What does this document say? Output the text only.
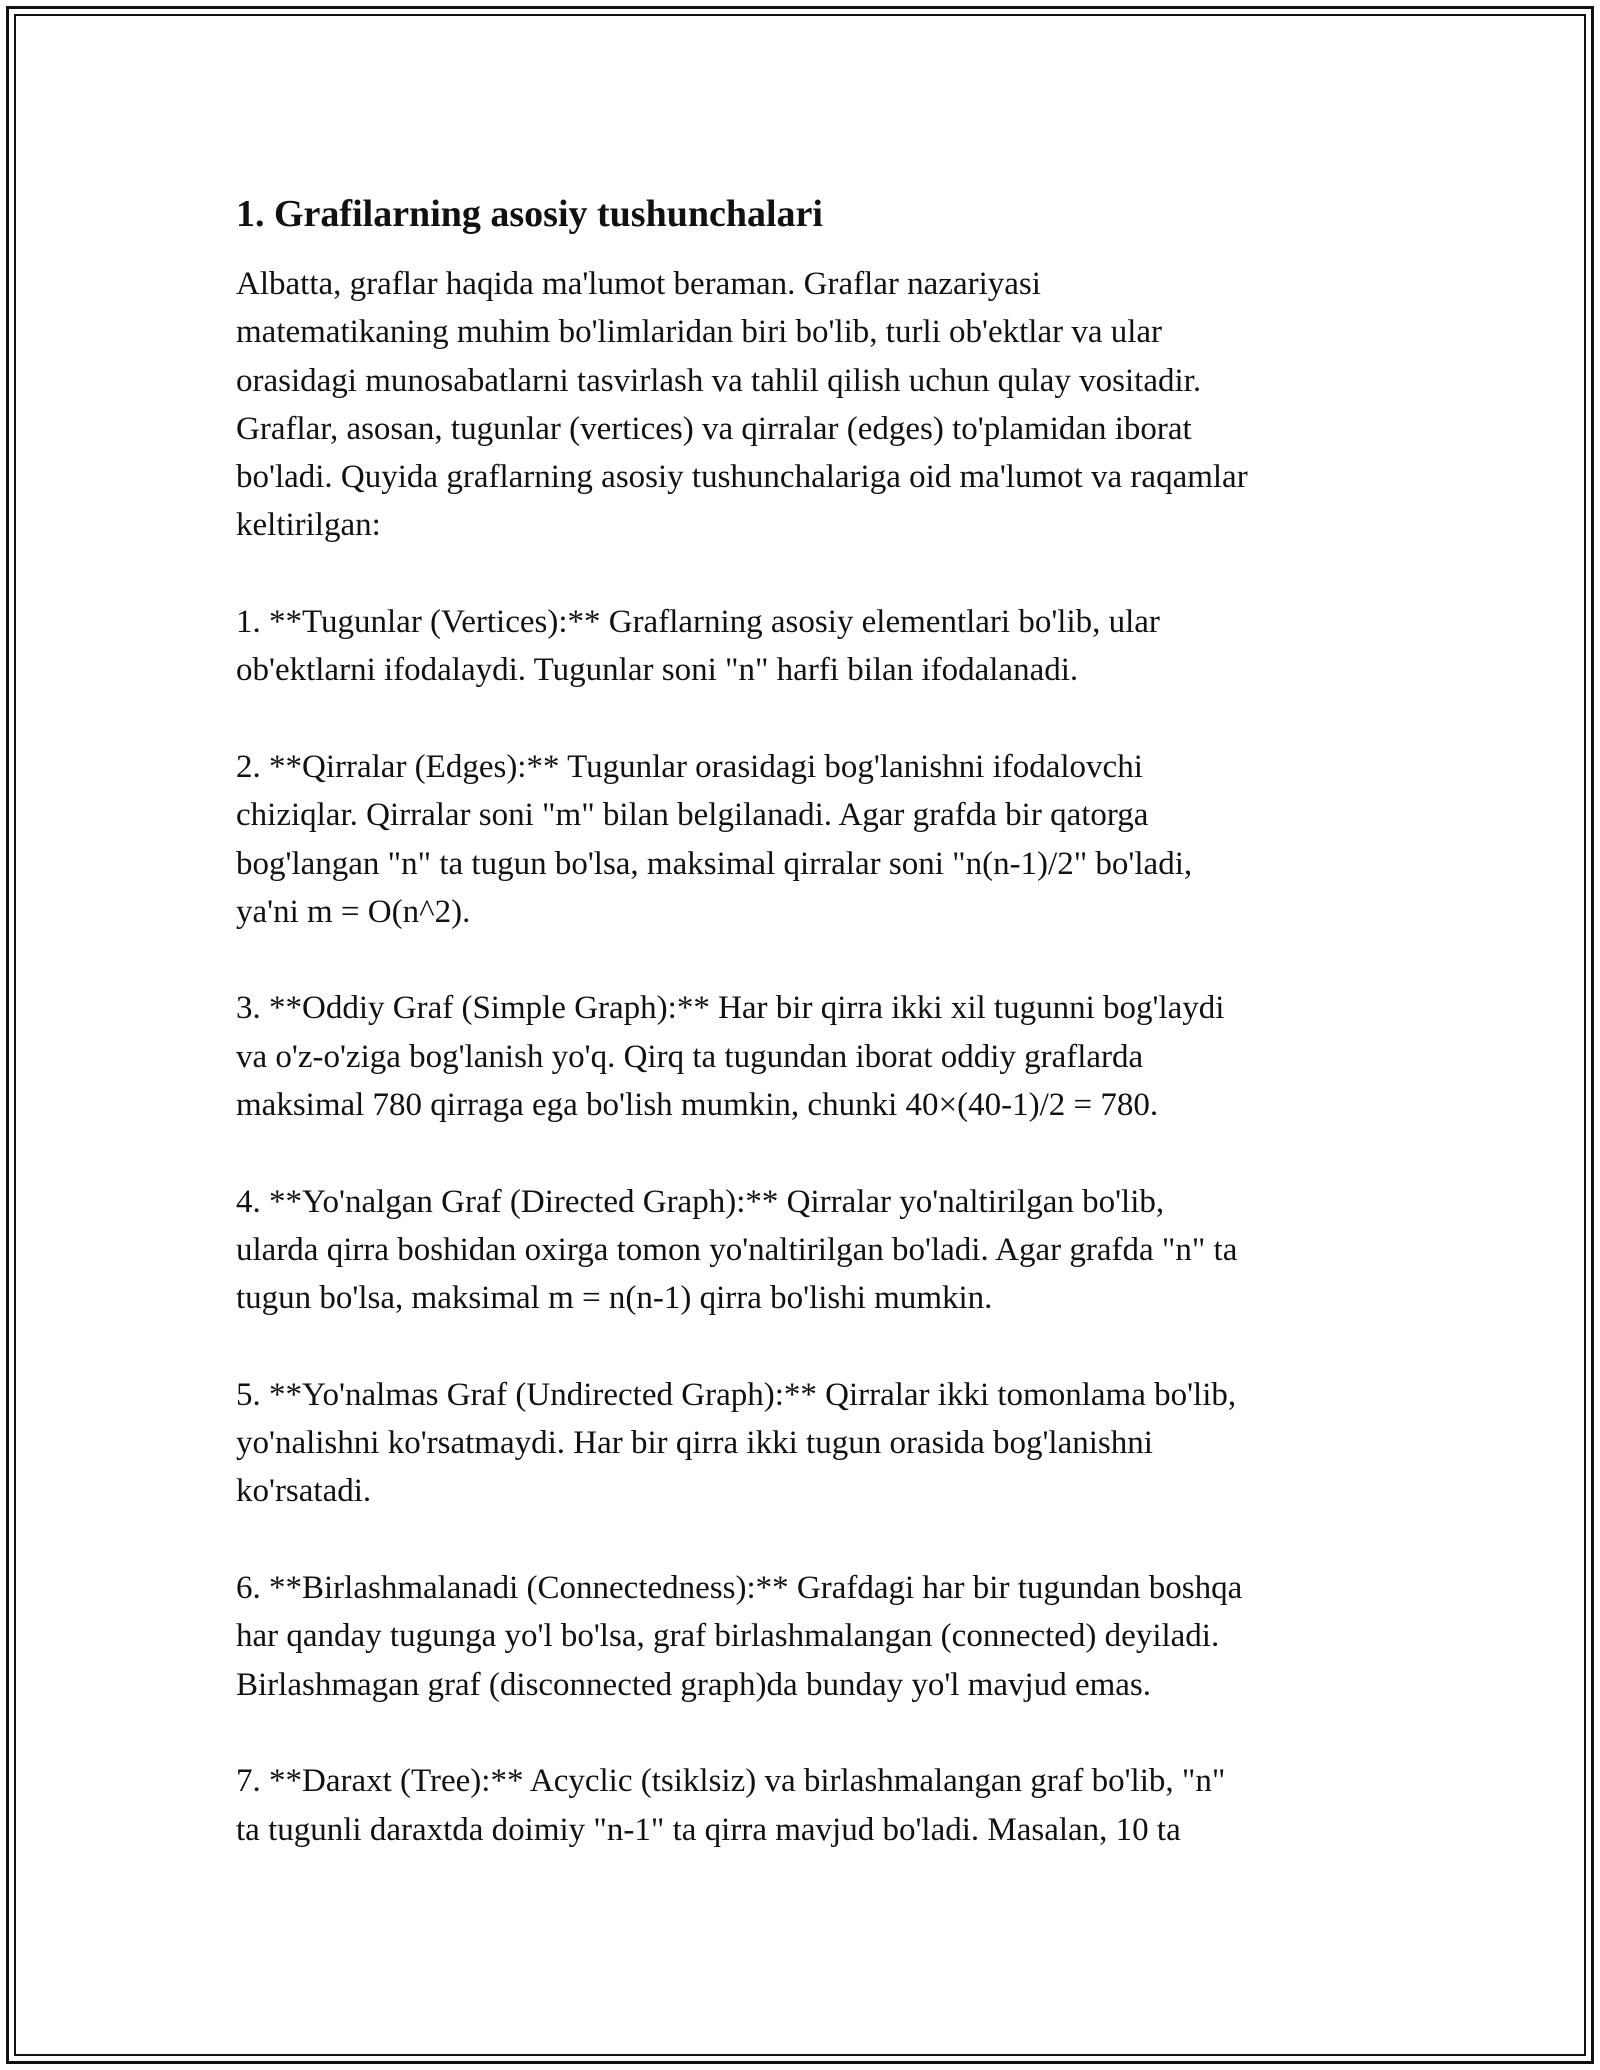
1. Grafilarning asosiy tushunchalari

Albatta, graflar haqida ma'lumot beraman. Graflar nazariyasi
matematikaning muhim bo'limlaridan biri bo'lib, turli ob'ektlar va ular
orasidagi munosabatlarni tasvirlash va tahlil qilish uchun qulay vositadir.
Graflar, asosan, tugunlar (vertices) va qirralar (edges) to'plamidan iborat
bo'ladi. Quyida graflarning asosiy tushunchalariga oid ma'lumot va raqamlar
keltirilgan:

1. **Tugunlar (Vertices):** Graflarning asosiy elementlari bo'lib, ular
ob'ektlarni ifodalaydi. Tugunlar soni "n" harfi bilan ifodalanadi.

2. **Qirralar (Edges):** Tugunlar orasidagi bog'lanishni ifodalovchi
chiziqlar. Qirralar soni "m" bilan belgilanadi. Agar grafda bir qatorga
bog'langan "n" ta tugun bo'lsa, maksimal qirralar soni "n(n-1)/2" bo'ladi,
ya'ni m = O(n^2).

3. **Oddiy Graf (Simple Graph):** Har bir qirra ikki xil tugunni bog'laydi
va o'z-o'ziga bog'lanish yo'q. Qirq ta tugundan iborat oddiy graflarda
maksimal 780 qirraga ega bo'lish mumkin, chunki 40×(40-1)/2 = 780.

4. **Yo'nalgan Graf (Directed Graph):** Qirralar yo'naltirilgan bo'lib,
ularda qirra boshidan oxirga tomon yo'naltirilgan bo'ladi. Agar grafda "n" ta
tugun bo'lsa, maksimal m = n(n-1) qirra bo'lishi mumkin.

5. **Yo'nalmas Graf (Undirected Graph):** Qirralar ikki tomonlama bo'lib,
yo'nalishni ko'rsatmaydi. Har bir qirra ikki tugun orasida bog'lanishni
ko'rsatadi.

6. **Birlashmalanadi (Connectedness):** Grafdagi har bir tugundan boshqa
har qanday tugunga yo'l bo'lsa, graf birlashmalangan (connected) deyiladi.
Birlashmagan graf (disconnected graph)da bunday yo'l mavjud emas.

7. **Daraxt (Tree):** Acyclic (tsiklsiz) va birlashmalangan graf bo'lib, "n"
ta tugunli daraxtda doimiy "n-1" ta qirra mavjud bo'ladi. Masalan, 10 ta
